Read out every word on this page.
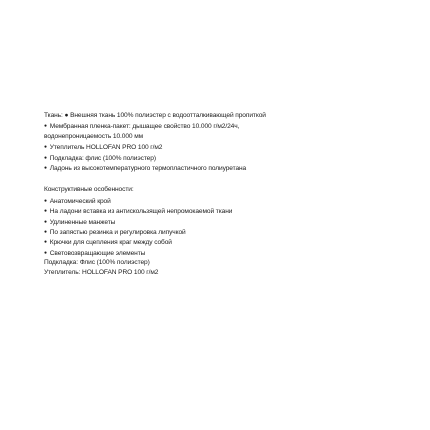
Ткань: ● Внешняя ткань 100% полиэстер с водоотталкивающей пропиткой
● Мембранная пленка-пакет: дышащее свойство 10.000 г/м2/24ч,
водонепроницаемость 10.000 мм
● Утеплитель HOLLOFAN PRO 100 г/м2
● Подкладка: флис (100% полиэстер)
● Ладонь из высокотемпературного термопластичного полиуретана
Конструктивные особенности:
● Анатомический крой
● На ладони вставка из антискользящей непромокаемой ткани
● Удлиненные манжеты
● По запястью резинка и регулировка липучкой
● Крючки для сцепления краг между собой
● Световозвращающие элементы
Подкладка: Флис (100% полиэстер)
Утеплитель: HOLLOFAN PRO 100 г/м2
